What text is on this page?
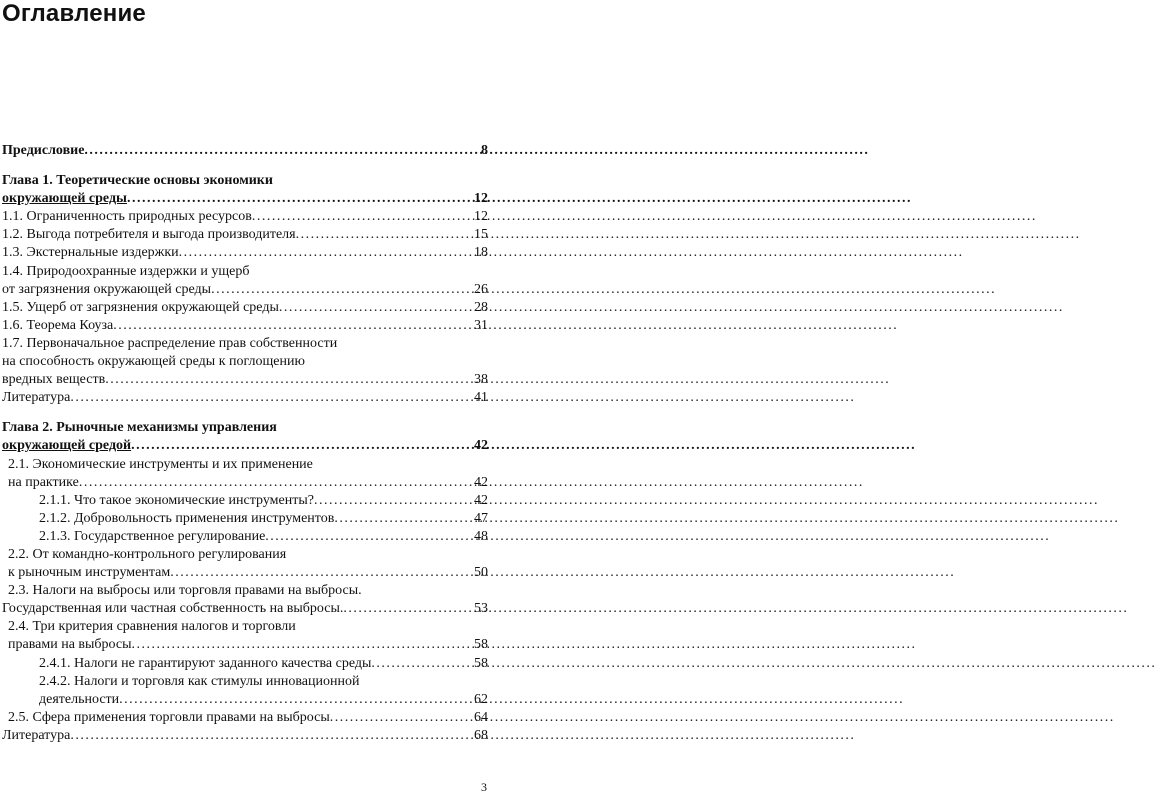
Оглавление
Предисловие . . .	8
Глава 1. Теоретические основы экономики
окружающей среды . . .	12
1.1. Ограниченность природных ресурсов . . .	12
1.2. Выгода потребителя и выгода производителя . . .	15
1.3. Экстернальные издержки . . .	18
1.4. Природоохранные издержки и ущерб
от загрязнения окружающей среды . . .	26
1.5. Ущерб от загрязнения окружающей среды . . .	28
1.6. Теорема Коуза . . .	31
1.7. Первоначальное распределение прав собственности
на способность окружающей среды к поглощению
вредных веществ . . .	38
Литература . . .	41
Глава 2. Рыночные механизмы управления
окружающей средой . . .	42
2.1. Экономические инструменты и их применение
на практике . . .	42
2.1.1. Что такое экономические инструменты? . . .	42
2.1.2. Добровольность применения инструментов . . .	47
2.1.3. Государственное регулирование . . .	48
2.2. От командно-контрольного регулирования
к рыночным инструментам . . .	50
2.3. Налоги на выбросы или торговля правами на выбросы.
Государственная или частная собственность на выбросы. . . .	53
2.4. Три критерия сравнения налогов и торговли
правами на выбросы . . .	58
2.4.1. Налоги не гарантируют заданного качества среды . . .	58
2.4.2. Налоги и торговля как стимулы инновационной
деятельности . . .	62
2.5. Сфера применения торговли правами на выбросы . . .	64
Литература . . .	68
3
